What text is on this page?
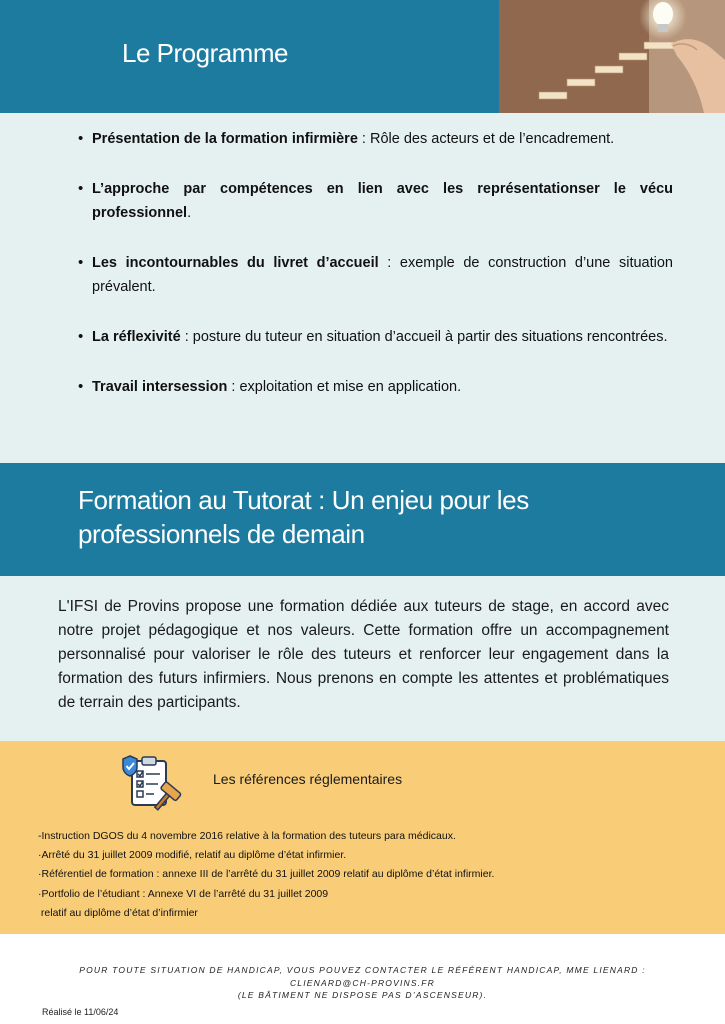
Le Programme
• Présentation de la formation infirmière : Rôle des acteurs et de l’encadrement.
• L’approche par compétences en lien avec les représentationser le vécu professionnel.
• Les incontournables du livret d’accueil : exemple de construction d’une situation prévalent.
• La réflexivité : posture du tuteur en situation d’accueil à partir des situations rencontrées.
• Travail intersession : exploitation et mise en application.
Formation au Tutorat : Un enjeu pour les professionnels de demain
L'IFSI de Provins propose une formation dédiée aux tuteurs de stage, en accord avec notre projet pédagogique et nos valeurs. Cette formation offre un accompagnement personnalisé pour valoriser le rôle des tuteurs et renforcer leur engagement dans la formation des futurs infirmiers. Nous prenons en compte les attentes et problématiques de terrain des participants.
Les références réglementaires
-Instruction DGOS du 4 novembre 2016 relative à la formation des tuteurs para médicaux.
·Arrêté du 31 juillet 2009 modifié, relatif au diplôme d’état infirmier.
·Référentiel de formation : annexe III de l’arrêté du 31 juillet 2009 relatif au diplôme d’état infirmier.
·Portfolio de l’étudiant : Annexe VI de l’arrêté du 31 juillet 2009
relatif au diplôme d’état d’infirmier
POUR TOUTE SITUATION DE HANDICAP, VOUS POUVEZ CONTACTER LE RÉFÉRENT HANDICAP, MME LIENARD :
CLIENARD@CH-PROVINS.FR
(LE BÂTIMENT NE DISPOSE PAS D’ASCENSEUR).
Réalisé le 11/06/24
